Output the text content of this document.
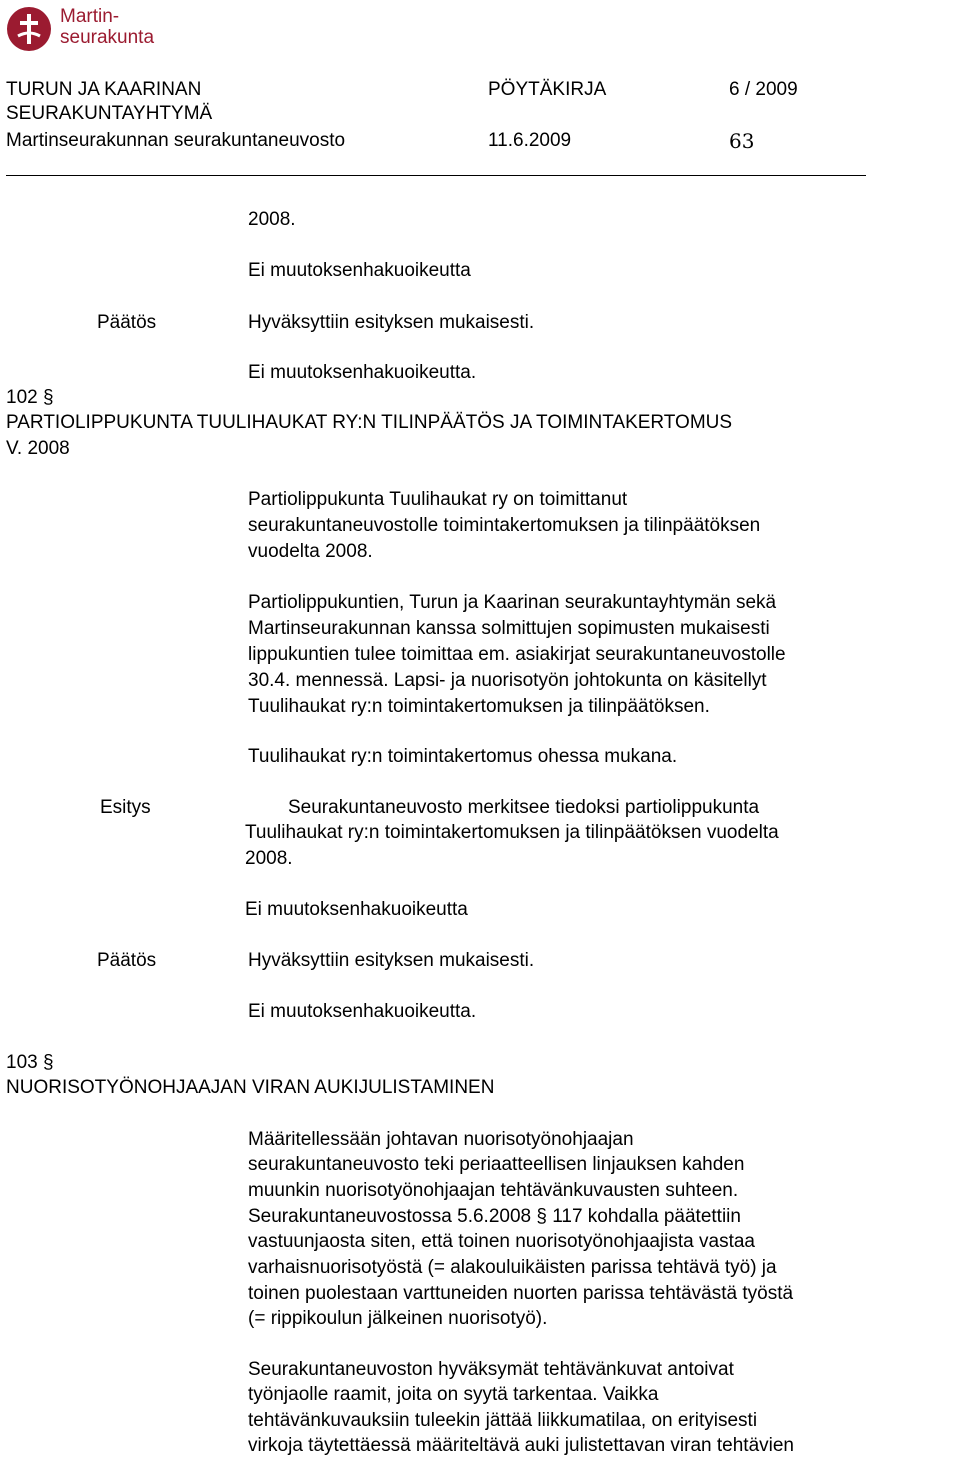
Martin-
seurakunta
TURUN JA KAARINAN
SEURAKUNTAYHTYMÄ
Martinseurakunnan seurakuntaneuvosto
PÖYTÄKIRJA	6 / 2009
11.6.2009	63
2008.
Ei muutoksenhakuoikeutta
Päätös	Hyväksyttiin esityksen mukaisesti.
Ei muutoksenhakuoikeutta.
102 §
PARTIOLIPPUKUNTA TUULIHAUKAT RY:N TILINPÄÄTÖS JA TOIMINTAKERTOMUS
V. 2008
Partiolippukunta Tuulihaukat ry on toimittanut
seurakuntaneuvostolle toimintakertomuksen ja tilinpäätöksen
vuodelta 2008.
Partiolippukuntien, Turun ja Kaarinan seurakuntayhtymän sekä
Martinseurakunnan kanssa solmittujen sopimusten mukaisesti
lippukuntien tulee toimittaa em. asiakirjat seurakuntaneuvostolle
30.4. mennessä. Lapsi- ja nuorisotyön johtokunta on käsitellyt
Tuulihaukat ry:n toimintakertomuksen ja tilinpäätöksen.
Tuulihaukat ry:n toimintakertomus ohessa mukana.
Esitys	Seurakuntaneuvosto merkitsee tiedoksi partiolippukunta
Tuulihaukat ry:n toimintakertomuksen ja tilinpäätöksen vuodelta
2008.
Ei muutoksenhakuoikeutta
Päätös	Hyväksyttiin esityksen mukaisesti.
Ei muutoksenhakuoikeutta.
103 §
NUORISOTYÖNOHJAAJAN VIRAN AUKIJULISTAMINEN
Määritellessään johtavan nuorisotyönohjaajan
seurakuntaneuvosto teki periaatteellisen linjauksen kahden
muunkin nuorisotyönohjaajan tehtävänkuvausten suhteen.
Seurakuntaneuvostossa 5.6.2008 § 117 kohdalla päätettiin
vastuunjaosta siten, että toinen nuorisotyönohjaajista vastaa
varhaisnuorisotyöstä (= alakouluikäisten parissa tehtävä työ) ja
toinen puolestaan varttuneiden nuorten parissa tehtävästä työstä
(= rippikoulun jälkeinen nuorisotyö).
Seurakuntaneuvoston hyväksymät tehtävänkuvat antoivat
työnjaolle raamit, joita on syytä tarkentaa. Vaikka
tehtävänkuvauksiin tuleekin jättää liikkumatilaa, on erityisesti
virkoja täytettäessä määriteltävä auki julistettavan viran tehtävien
